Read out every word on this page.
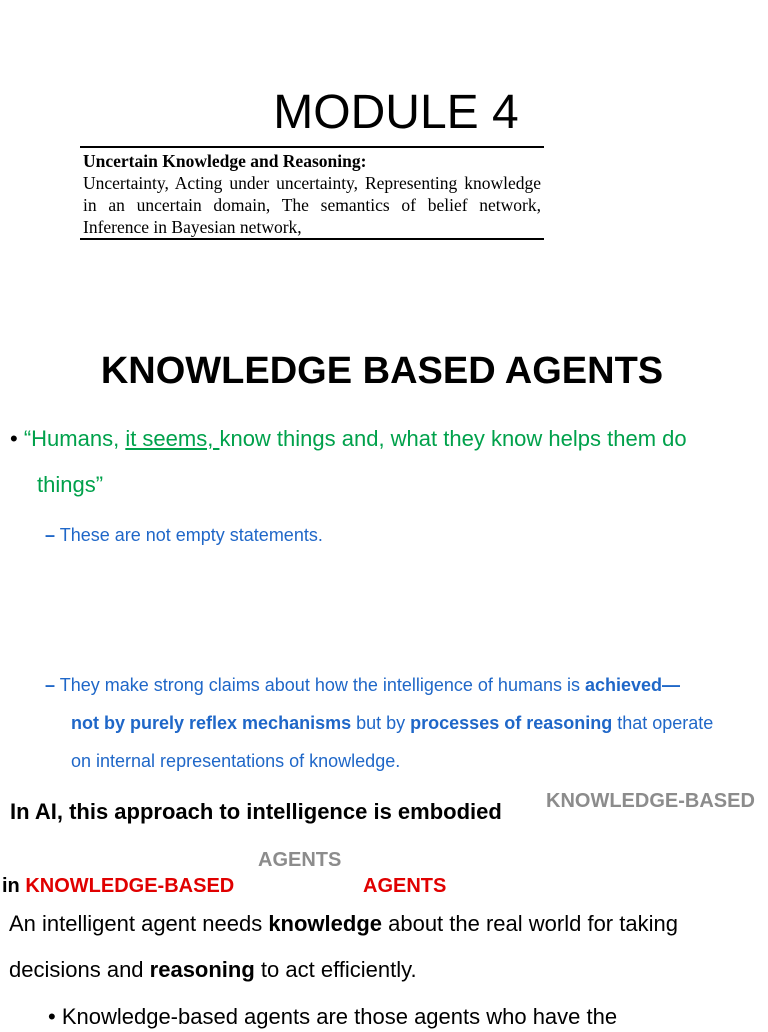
MODULE 4
Uncertain Knowledge and Reasoning:
Uncertainty, Acting under uncertainty, Representing knowledge in an uncertain domain, The semantics of belief network, Inference in Bayesian network,
KNOWLEDGE BASED AGENTS
• “Humans, it seems, know things and, what they know helps them do
things”
– These are not empty statements.
– They make strong claims about how the intelligence of humans is achieved—
not by purely reflex mechanisms but by processes of reasoning that operate
on internal representations of knowledge.
In AI, this approach to intelligence is embodied KNOWLEDGE-BASED
AGENTS
in KNOWLEDGE-BASED	AGENTS
An intelligent agent needs knowledge about the real world for taking
decisions and reasoning to act efficiently.
• Knowledge-based agents are those agents who have the
